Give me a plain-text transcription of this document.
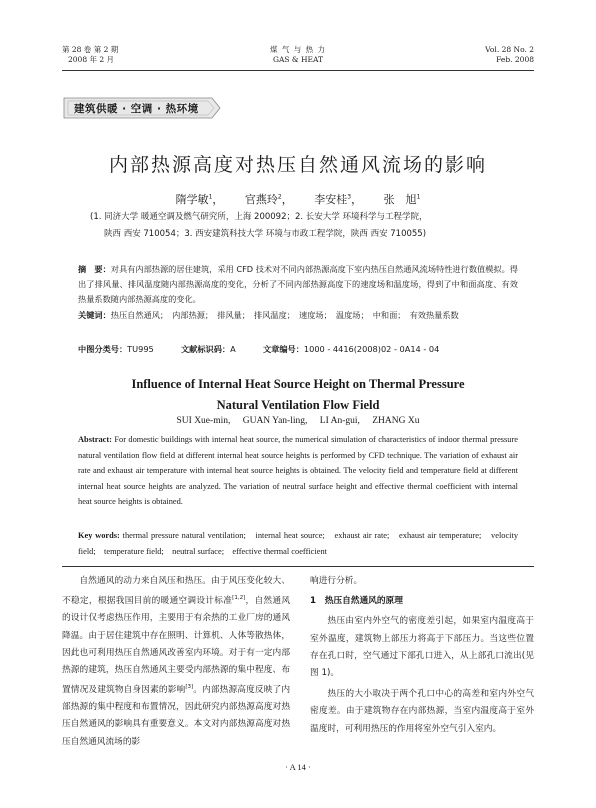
第 28 卷 第 2 期
2008 年 2 月
煤 气 与 热 力
GAS & HEAT
Vol. 28 No. 2
Feb. 2008
建筑供暖 · 空调 · 热环境
内部热源高度对热压自然通风流场的影响
隋学敏$^1$， 官燕玲$^2$， 李安桂$^3$， 张　旭$^1$
(1. 同济大学 暖通空调及燃气研究所，上海 200092；2. 长安大学 环境科学与工程学院，
陕西 西安 710054；3. 西安建筑科技大学 环境与市政工程学院，陕西 西安 710055)
摘　要：对具有内部热源的居住建筑，采用 CFD 技术对不同内部热源高度下室内热压自然通风流场特性进行数值模拟。得出了排风量、排风温度随内部热源高度的变化，分析了不同内部热源高度下的速度场和温度场，得到了中和面高度、有效热量系数随内部热源高度的变化。
关键词：热压自然通风；　内部热源；　排风量；　排风温度；　速度场；　温度场；　中和面；　有效热量系数
中图分类号：TU995	文献标识码：A	文章编号：1000 - 4416(2008)02 - 0A14 - 04
Influence of Internal Heat Source Height on Thermal Pressure
Natural Ventilation Flow Field
SUI Xue-min, GUAN Yan-ling, LI An-gui, ZHANG Xu
Abstract: For domestic buildings with internal heat source, the numerical simulation of characteristics of indoor thermal pressure natural ventilation flow field at different internal heat source heights is performed by CFD technique. The variation of exhaust air rate and exhaust air temperature with internal heat source heights is obtained. The velocity field and temperature field at different internal heat source heights are analyzed. The variation of neutral surface height and effective thermal coefficient with internal heat source heights is obtained.
Key words: thermal pressure natural ventilation;　internal heat source;　exhaust air rate;　exhaust air temperature;　velocity field;　temperature field;　neutral surface;　effective thermal coefficient

自然通风的动力来自风压和热压。由于风压变化较大、不稳定，根据我国目前的暖通空调设计标准[1,2]，自然通风的设计仅考虑热压作用，主要用于有余热的工业厂房的通风降温。由于居住建筑中存在照明、计算机、人体等散热体，因此也可利用热压自然通风改善室内环境。对于有一定内部热源的建筑，热压自然通风主要受内部热源的集中程度、布置情况及建筑物自身因素的影响[3]。内部热源高度反映了内部热源的集中程度和布置情况，因此研究内部热源高度对热压自然通风的影响具有重要意义。本文对内部热源高度对热压自然通风流场的影

响进行分析。

1　热压自然通风的原理

热压由室内外空气的密度差引起，如果室内温度高于室外温度，建筑物上部压力将高于下部压力。当这些位置存在孔口时，空气通过下部孔口进入，从上部孔口流出(见图 1)。

热压的大小取决于两个孔口中心的高差和室内外空气密度差。由于建筑物存在内部热源，当室内温度高于室外温度时，可利用热压的作用将室外空气引入室内。

· A 14 ·
